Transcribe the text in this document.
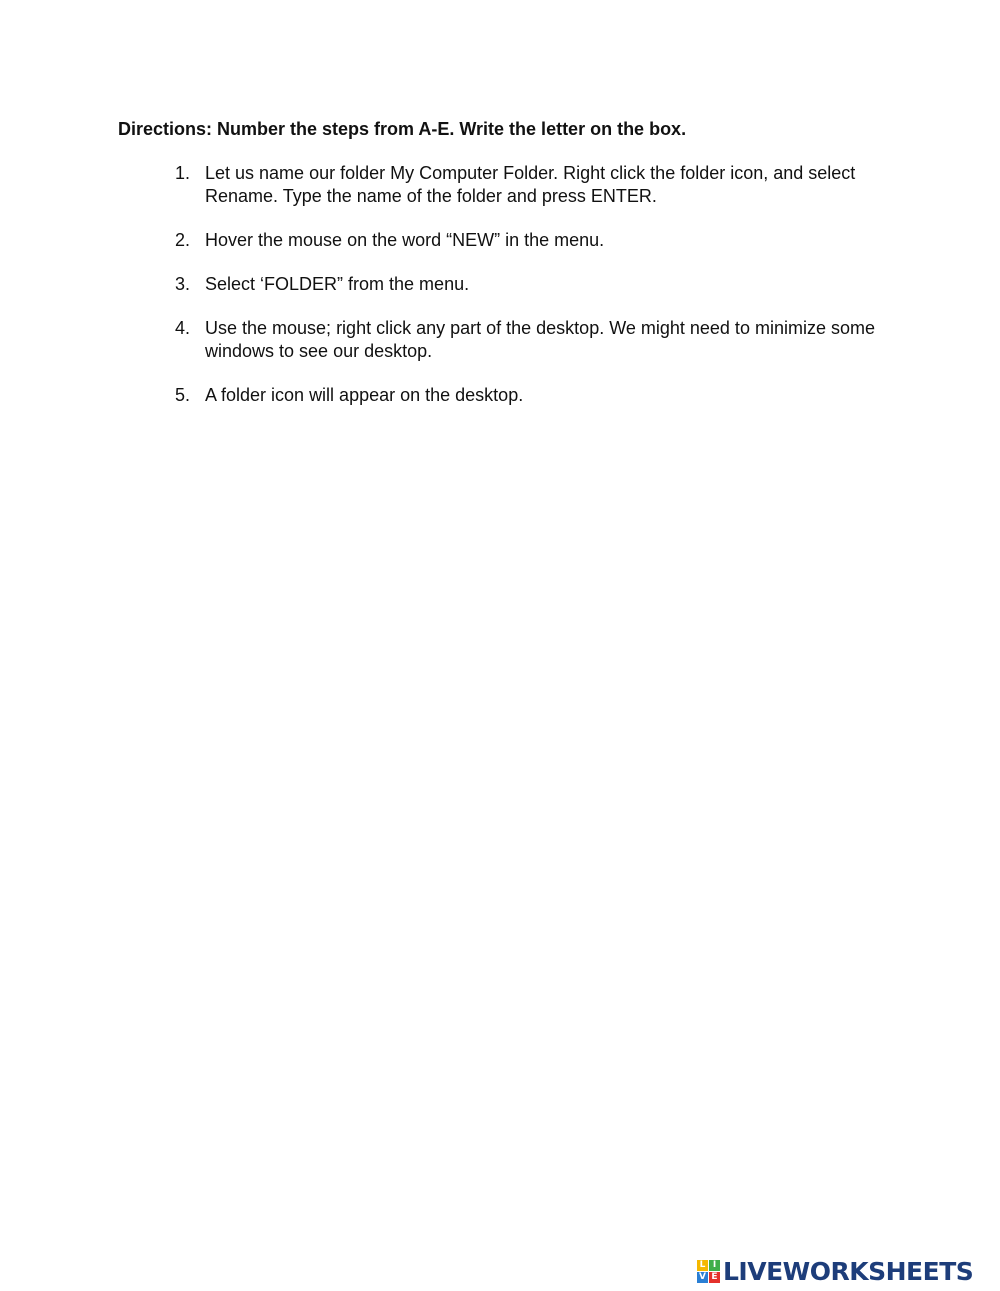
Directions: Number the steps from A-E. Write the letter on the box.
1. Let us name our folder My Computer Folder. Right click the folder icon, and select Rename. Type the name of the folder and press ENTER.
2. Hover the mouse on the word “NEW” in the menu.
3. Select ‘FOLDER” from the menu.
4. Use the mouse; right click any part of the desktop. We might need to minimize some windows to see our desktop.
5. A folder icon will appear on the desktop.
L I
V E LIVEWORKSHEETS
